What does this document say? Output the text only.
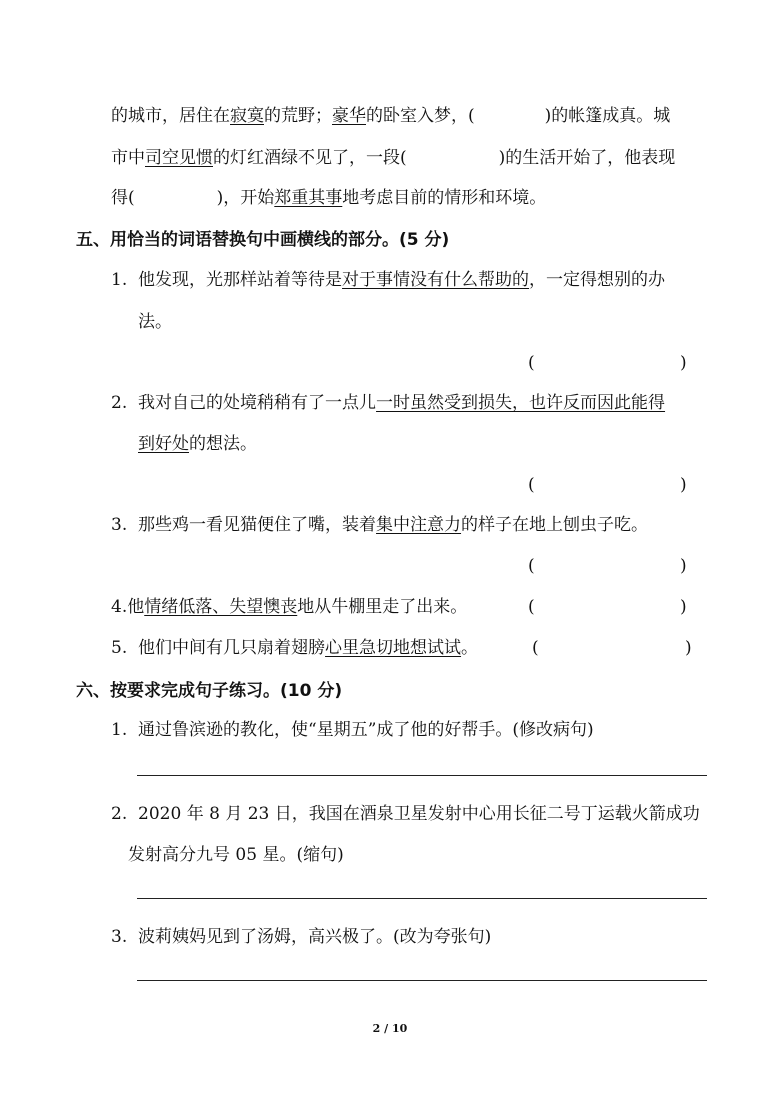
的城市，居住在寂寞的荒野；豪华的卧室入梦，(	)的帐篷成真。城
市中司空见惯的灯红酒绿不见了，一段(	)的生活开始了，他表现
得(	)，开始郑重其事地考虑目前的情形和环境。
五、用恰当的词语替换句中画横线的部分。(5 分)
1. 他发现，光那样站着等待是对于事情没有什么帮助的，一定得想别的办
法。
(	)
2. 我对自己的处境稍稍有了一点儿一时虽然受到损失，也许反而因此能得
到好处的想法。
(	)
3. 那些鸡一看见猫便住了嘴，装着集中注意力的样子在地上刨虫子吃。
(	)
4.他情绪低落、失望懊丧地从牛棚里走了出来。	(	)
5. 他们中间有几只扇着翅膀心里急切地想试试。	(	)
六、按要求完成句子练习。(10 分)
1. 通过鲁滨逊的教化，使“星期五”成了他的好帮手。(修改病句)
2. 2020 年 8 月 23 日，我国在酒泉卫星发射中心用长征二号丁运载火箭成功
发射高分九号 05 星。(缩句)
3. 波莉姨妈见到了汤姆，高兴极了。(改为夸张句)
2 / 10
